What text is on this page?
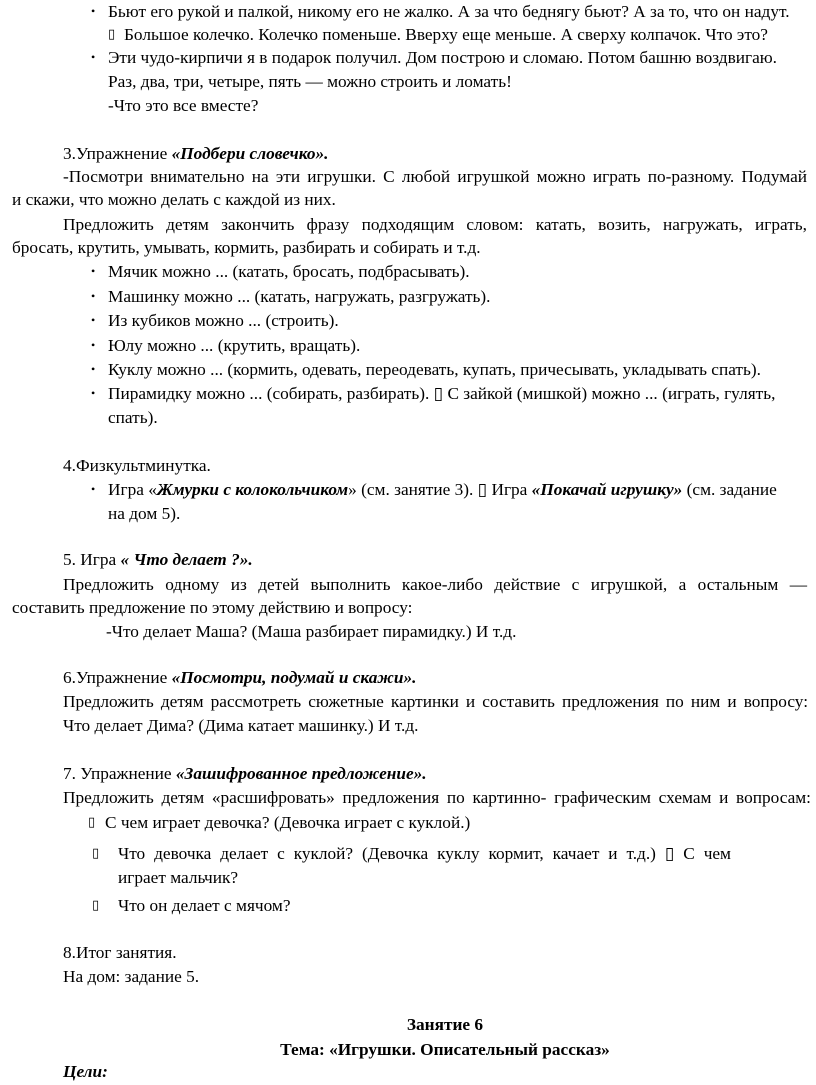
• Бьют его рукой и палкой, никому его не жалко. А за что беднягу бьют? А за то, что он надут.
▯ Большое колечко. Колечко поменьше. Вверху еще меньше. А сверху колпачок. Что это?
• Эти чудо-кирпичи я в подарок получил. Дом построю и сломаю. Потом башню воздвигаю.
Раз, два, три, четыре, пять — можно строить и ломать!
-Что это все вместе?
3.Упражнение «Подбери словечко».
-Посмотри внимательно на эти игрушки. С любой игрушкой можно играть по-разному. Подумай
и скажи, что можно делать с каждой из них.
Предложить детям закончить фразу подходящим словом: катать, возить, нагружать, играть,
бросать, крутить, умывать, кормить, разбирать и собирать и т.д.
• Мячик можно ... (катать, бросать, подбрасывать).
• Машинку можно ... (катать, нагружать, разгружать).
• Из кубиков можно ... (строить).
• Юлу можно ... (крутить, вращать).
• Куклу можно ... (кормить, одевать, переодевать, купать, причесывать, укладывать спать).
• Пирамидку можно ... (собирать, разбирать). ▯ С зайкой (мишкой) можно ... (играть, гулять,
спать).
4.Физкультминутка.
• Игра «Жмурки с колокольчиком» (см. занятие 3). ▯ Игра «Покачай игрушку» (см. задание
на дом 5).
5. Игра « Что делает ?».
Предложить одному из детей выполнить какое-либо действие с игрушкой, а остальным —
составить предложение по этому действию и вопросу:
-Что делает Маша? (Маша разбирает пирамидку.) И т.д.
6.Упражнение «Посмотри, подумай и скажи».
Предложить детям рассмотреть сюжетные картинки и составить предложения по ним и вопросу:
Что делает Дима? (Дима катает машинку.) И т.д.
7. Упражнение «Зашифрованное предложение».
Предложить детям «расшифровать» предложения по картинно- графическим схемам и вопросам:
▯ С чем играет девочка? (Девочка играет с куклой.)
▯ Что девочка делает с куклой? (Девочка куклу кормит, качает и т.д.) ▯ С чем
играет мальчик?
▯ Что он делает с мячом?
8.Итог занятия.
На дом: задание 5.
Занятие 6
Тема: «Игрушки. Описательный рассказ»
Цели:
